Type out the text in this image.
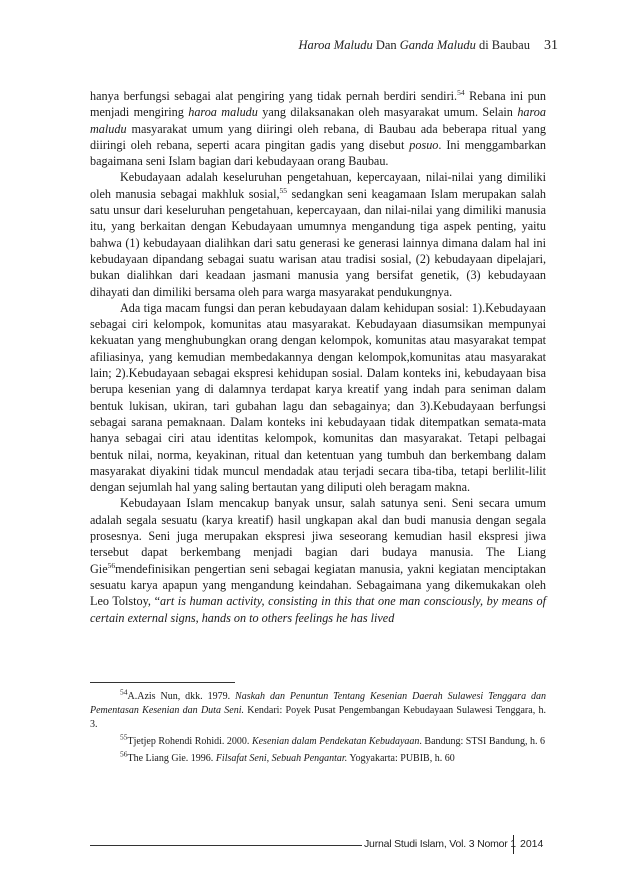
Haroa Maludu Dan Ganda Maludu di Baubau 31

hanya berfungsi sebagai alat pengiring yang tidak pernah berdiri sendiri.$^{54}$ Rebana ini pun menjadi mengiring haroa maludu yang dilaksanakan oleh masyarakat umum. Selain haroa maludu masyarakat umum yang diiringi oleh rebana, di Baubau ada beberapa ritual yang diiringi oleh rebana, seperti acara pingitan gadis yang disebut posuo. Ini menggambarkan bagaimana seni Islam bagian dari kebudayaan orang Baubau.

Kebudayaan adalah keseluruhan pengetahuan, kepercayaan, nilai-nilai yang dimiliki oleh manusia sebagai makhluk sosial,$^{55}$ sedangkan seni keagamaan Islam merupakan salah satu unsur dari keseluruhan pengetahuan, kepercayaan, dan nilai-nilai yang dimiliki manusia itu, yang berkaitan dengan Kebudayaan umumnya mengandung tiga aspek penting, yaitu bahwa (1) kebudayaan dialihkan dari satu generasi ke generasi lainnya dimana dalam hal ini kebudayaan dipandang sebagai suatu warisan atau tradisi sosial, (2) kebudayaan dipelajari, bukan dialihkan dari keadaan jasmani manusia yang bersifat genetik, (3) kebudayaan dihayati dan dimiliki bersama oleh para warga masyarakat pendukungnya.

Ada tiga macam fungsi dan peran kebudayaan dalam kehidupan sosial: 1).Kebudayaan sebagai ciri kelompok, komunitas atau masyarakat. Kebudayaan diasumsikan mempunyai kekuatan yang menghubungkan orang dengan kelompok, komunitas atau masyarakat tempat afiliasinya, yang kemudian membedakannya dengan kelompok,komunitas atau masyarakat lain; 2).Kebudayaan sebagai ekspresi kehidupan sosial. Dalam konteks ini, kebudayaan bisa berupa kesenian yang di dalamnya terdapat karya kreatif yang indah para seniman dalam bentuk lukisan, ukiran, tari gubahan lagu dan sebagainya; dan 3).Kebudayaan berfungsi sebagai sarana pemaknaan. Dalam konteks ini kebudayaan tidak ditempatkan semata-mata hanya sebagai ciri atau identitas kelompok, komunitas dan masyarakat. Tetapi pelbagai bentuk nilai, norma, keyakinan, ritual dan ketentuan yang tumbuh dan berkembang dalam masyarakat diyakini tidak muncul mendadak atau terjadi secara tiba-tiba, tetapi berlilit-lilit dengan sejumlah hal yang saling bertautan yang diliputi oleh beragam makna.

Kebudayaan Islam mencakup banyak unsur, salah satunya seni. Seni secara umum adalah segala sesuatu (karya kreatif) hasil ungkapan akal dan budi manusia dengan segala prosesnya. Seni juga merupakan ekspresi jiwa seseorang kemudian hasil ekspresi jiwa tersebut dapat berkembang menjadi bagian dari budaya manusia. The Liang Gie$^{56}$mendefinisikan pengertian seni sebagai kegiatan manusia, yakni kegiatan menciptakan sesuatu karya apapun yang mengandung keindahan. Sebagaimana yang dikemukakan oleh Leo Tolstoy, “art is human activity, consisting in this that one man consciously, by means of certain external signs, hands on to others feelings he has lived

$^{54}$A.Azis Nun, dkk. 1979. Naskah dan Penuntun Tentang Kesenian Daerah Sulawesi Tenggara dan Pementasan Kesenian dan Duta Seni. Kendari: Poyek Pusat Pengembangan Kebudayaan Sulawesi Tenggara, h. 3.

$^{55}$Tjetjep Rohendi Rohidi. 2000. Kesenian dalam Pendekatan Kebudayaan. Bandung: STSI Bandung, h. 6

$^{56}$The Liang Gie. 1996. Filsafat Seni, Sebuah Pengantar. Yogyakarta: PUBIB, h. 60

Jurnal Studi Islam, Vol. 3 Nomor 1 2014
